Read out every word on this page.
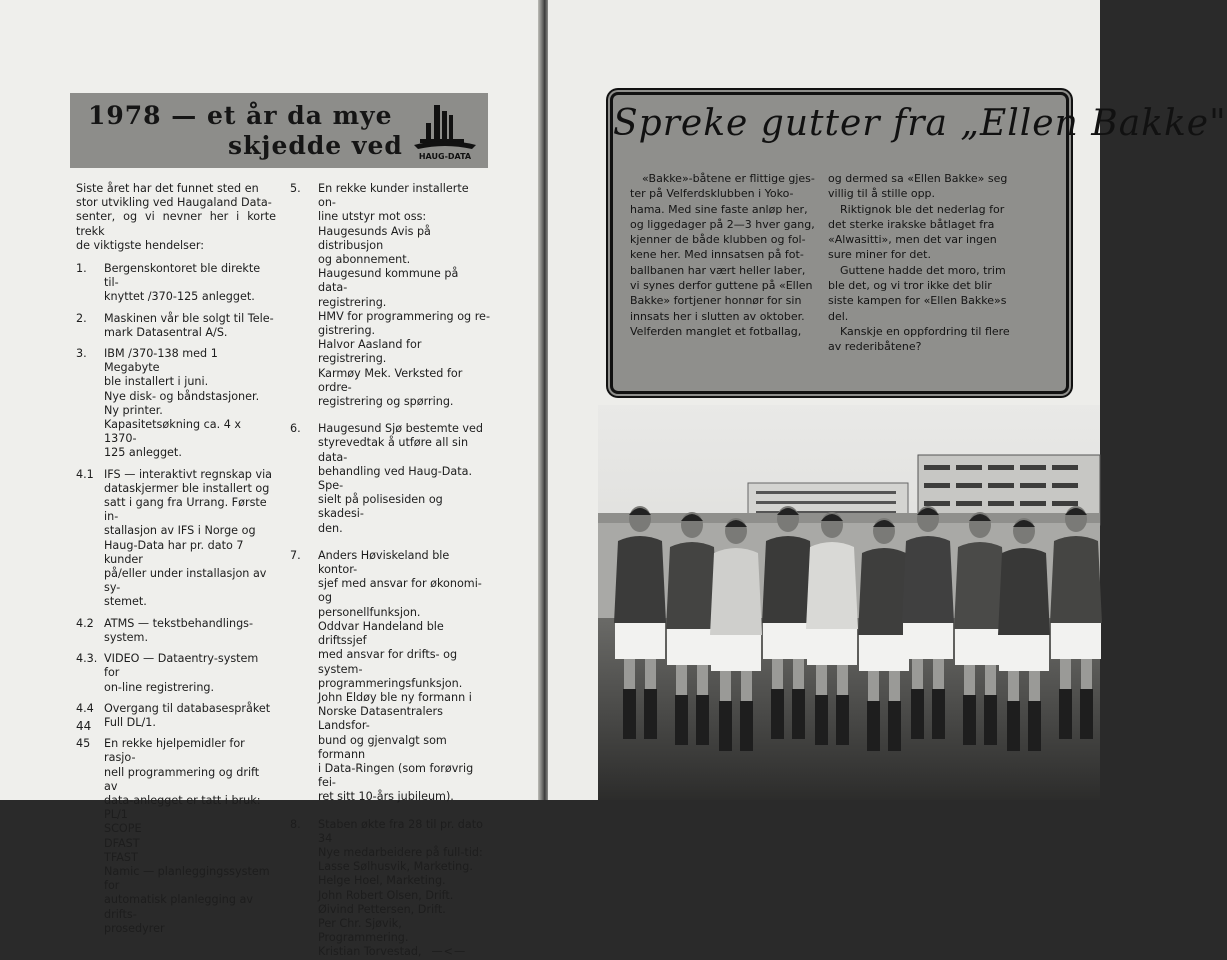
1978 — et år da mye
skjedde ved HAUG-DATA
Siste året har det funnet sted en
stor utvikling ved Haugaland Data-
senter, og vi nevner her i korte trekk
de viktigste hendelser:
1.	Bergenskontoret ble direkte til-
knyttet /370-125 anlegget.
2.	Maskinen vår ble solgt til Tele-
mark Datasentral A/S.
3.	IBM /370-138 med 1 Megabyte
ble installert i juni.
Nye disk- og båndstasjoner.
Ny printer.
Kapasitetsøkning ca. 4 x 1370-
125 anlegget.
4.1 IFS — interaktivt regnskap via
dataskjermer ble installert og
satt i gang fra Urrang. Første in-
stallasjon av IFS i Norge og
Haug-Data har pr. dato 7 kunder
på/eller under installasjon av sy-
stemet.
4.2 ATMS — tekstbehandlings-
system.
4.3. VIDEO — Dataentry-system for
on-line registrering.
4.4 Overgang til databasespråket
Full DL/1.
45	En rekke hjelpemidler for rasjo-
nell programmering og drift av
data-anlegget er tatt i bruk:
PL/1
SCOPE
DFAST
TFAST
Namic — planleggingssystem for
automatisk planlegging av drifts-
prosedyrer
5.	En rekke kunder installerte on-
line utstyr mot oss:
Haugesunds Avis på distribusjon
og abonnement.
Haugesund kommune på data-
registrering.
HMV for programmering og re-
gistrering.
Halvor Aasland for registrering.
Karmøy Mek. Verksted for ordre-
registrering og spørring.
6.	Haugesund Sjø bestemte ved
styrevedtak å utføre all sin data-
behandling ved Haug-Data. Spe-
sielt på polisesiden og skadesi-
den.
7.	Anders Høviskeland ble kontor-
sjef med ansvar for økonomi- og
personellfunksjon.
Oddvar Handeland ble driftssjef
med ansvar for drifts- og system-
programmeringsfunksjon.
John Eldøy ble ny formann i
Norske Datasentralers Landsfor-
bund og gjenvalgt som formann
i Data-Ringen (som forøvrig fei-
ret sitt 10-års jubileum).
8.	Staben økte fra 28 til pr. dato 34
Nye medarbeidere på full-tid:
Lasse Sølhusvik, Marketing.
Helge Hoel, Marketing.
John Robert Olsen, Drift.
Øivind Pettersen, Drift.
Per Chr. Sjøvik, Programmering.
Kristian Torvestad, —<—
44
Spreke gutter fra „Ellen Bakke"
«Bakke»-båtene er flittige gjes-
ter på Velferdsklubben i Yoko-
hama. Med sine faste anløp her,
og liggedager på 2—3 hver gang,
kjenner de både klubben og fol-
kene her. Med innsatsen på fot-
ballbanen har vært heller laber,
vi synes derfor guttene på «Ellen
Bakke» fortjener honnør for sin
innsats her i slutten av oktober.
Velferden manglet et fotballag,
og dermed sa «Ellen Bakke» seg
villig til å stille opp.
Riktignok ble det nederlag for
det sterke irakske båtlaget fra
«Alwasitti», men det var ingen
sure miner for det.
Guttene hadde det moro, trim
ble det, og vi tror ikke det blir
siste kampen for «Ellen Bakke»s
del.
Kanskje en oppfordring til flere
av rederibåtene?
